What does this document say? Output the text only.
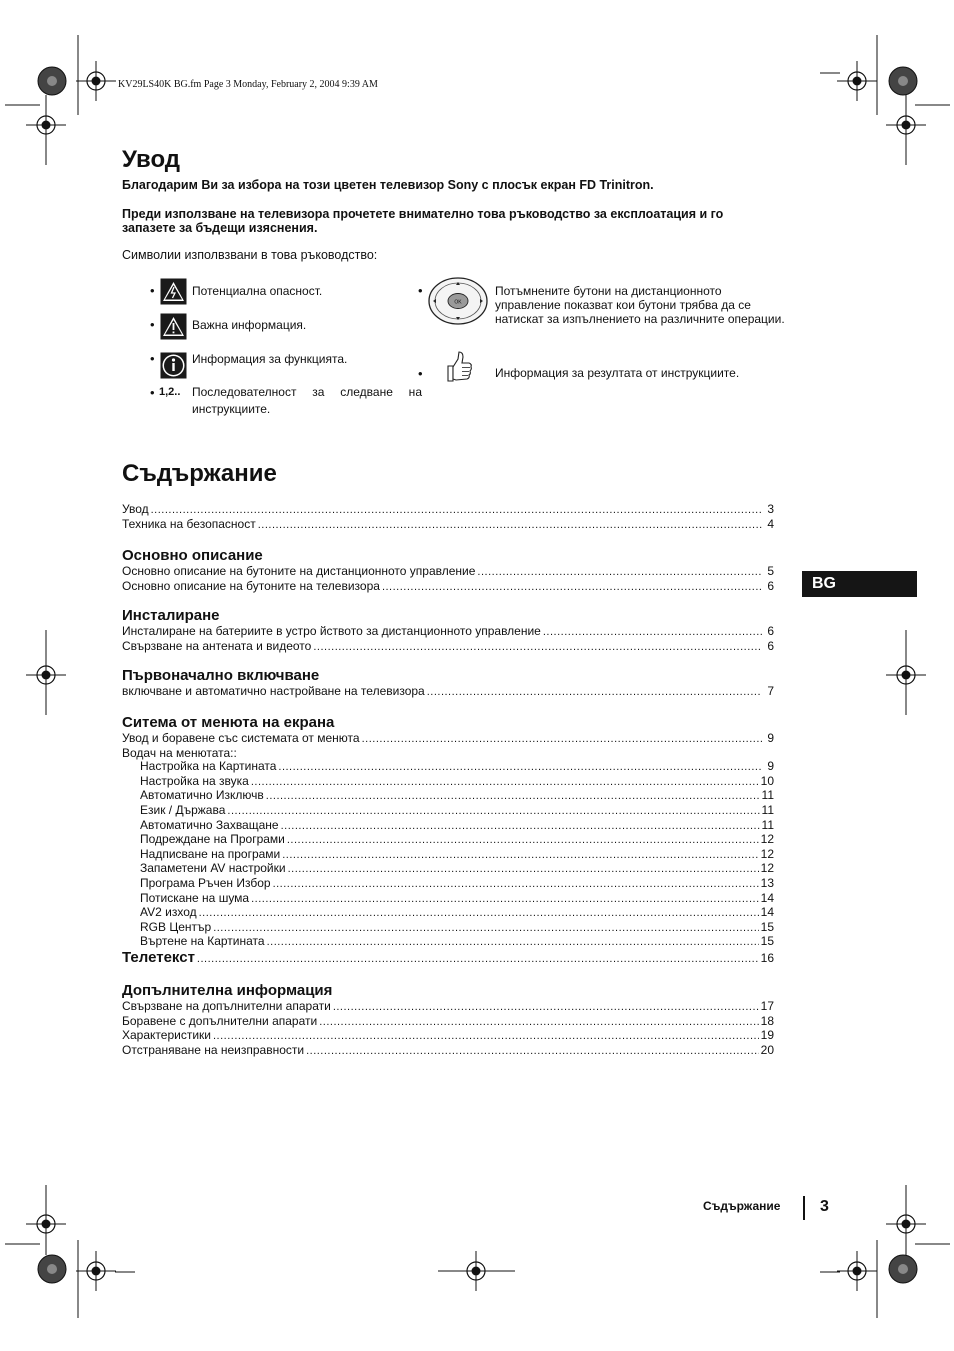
KV29LS40K BG.fm Page 3 Monday, February 2, 2004 9:39 AM
Увод
Благодарим Ви за избора на този цветен телевизор Sony с плосък екран FD Trinitron.
Преди използване на телевизора прочетете внимателно това ръководство за експлоатация и го
запазете за бъдещи изяснения.
Символии изполвзвани в това ръководство:
•	Потенциална опасност.
•	Важна информация.
•	Информация за функцията.
• 1,2.. Последователност за следване на
инструкциите.
•
OK
Потъмнените бутони на дистанционното
управление показват кои бутони трябва да се
натискат за изпълнението на различните операции.
•	Информация за резултата от инструкциите.
Съдържание
Увод .....	3
Техника на безопасност .....	4
Основно описание
Основно описание на бутоните на дистанционното управление .....	5
Основно описание на бутоните на телевизора .....	6
Инсталиране
Инсталиране на батериите в устро йството за дистанционното управление .....	6
Свързване на антената и видеото .....	6
Първоначално включване
включване и автоматично настройване на телевизора .....	7
Ситема от менюта на екрана
Увод и боравене със системата от менюта .....	9
Водач на менютата::
Настройка на Картината .....	9
Настройка на звука .....	10
Автоматично Изключв .....	11
Език / Държава .....	11
Автоматично Захващане .....	11
Подреждане на Програми .....	12
Надписване на програми .....	12
Запаметени AV настройки .....	12
Програмa Ръчен Избор .....	13
Потискане на шума .....	14
AV2 изход .....	14
RGB Център .....	15
Въртене на Картината .....	15
Телетекст .....	16
Допълнителна информация
Свързване на допълнителни апарати .....	17
Боравене с допълнителни апарати .....	18
Характеристики .....	19
Отстраняване на неизправности .....	20
BG
Съдържание 3
